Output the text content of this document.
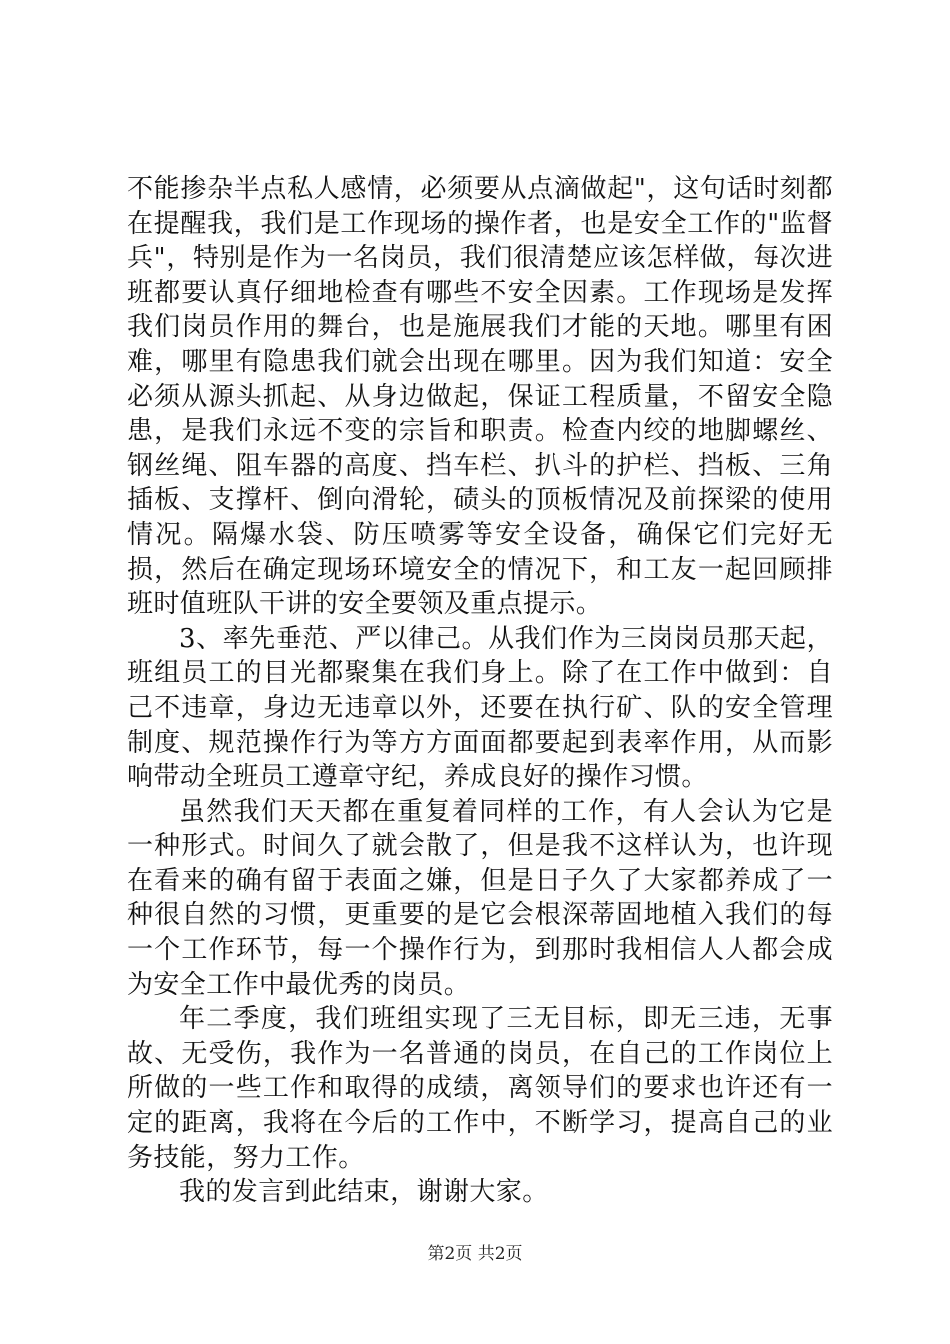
不能掺杂半点私人感情，必须要从点滴做起"，这句话时刻都在提醒我，我们是工作现场的操作者，也是安全工作的"监督兵"，特别是作为一名岗员，我们很清楚应该怎样做，每次进班都要认真仔细地检查有哪些不安全因素。工作现场是发挥我们岗员作用的舞台，也是施展我们才能的天地。哪里有困难，哪里有隐患我们就会出现在哪里。因为我们知道：安全必须从源头抓起、从身边做起，保证工程质量，不留安全隐患，是我们永远不变的宗旨和职责。检查内绞的地脚螺丝、钢丝绳、阻车器的高度、挡车栏、扒斗的护栏、挡板、三角插板、支撑杆、倒向滑轮，碛头的顶板情况及前探梁的使用情况。隔爆水袋、防压喷雾等安全设备，确保它们完好无损，然后在确定现场环境安全的情况下，和工友一起回顾排班时值班队干讲的安全要领及重点提示。

3、率先垂范、严以律己。从我们作为三岗岗员那天起，班组员工的目光都聚集在我们身上。除了在工作中做到：自己不违章，身边无违章以外，还要在执行矿、队的安全管理制度、规范操作行为等方方面面都要起到表率作用，从而影响带动全班员工遵章守纪，养成良好的操作习惯。

虽然我们天天都在重复着同样的工作，有人会认为它是一种形式。时间久了就会散了，但是我不这样认为，也许现在看来的确有留于表面之嫌，但是日子久了大家都养成了一种很自然的习惯，更重要的是它会根深蒂固地植入我们的每一个工作环节，每一个操作行为，到那时我相信人人都会成为安全工作中最优秀的岗员。

年二季度，我们班组实现了三无目标，即无三违，无事故、无受伤，我作为一名普通的岗员，在自己的工作岗位上所做的一些工作和取得的成绩，离领导们的要求也许还有一定的距离，我将在今后的工作中，不断学习，提高自己的业务技能，努力工作。

我的发言到此结束，谢谢大家。

第2页 共2页
